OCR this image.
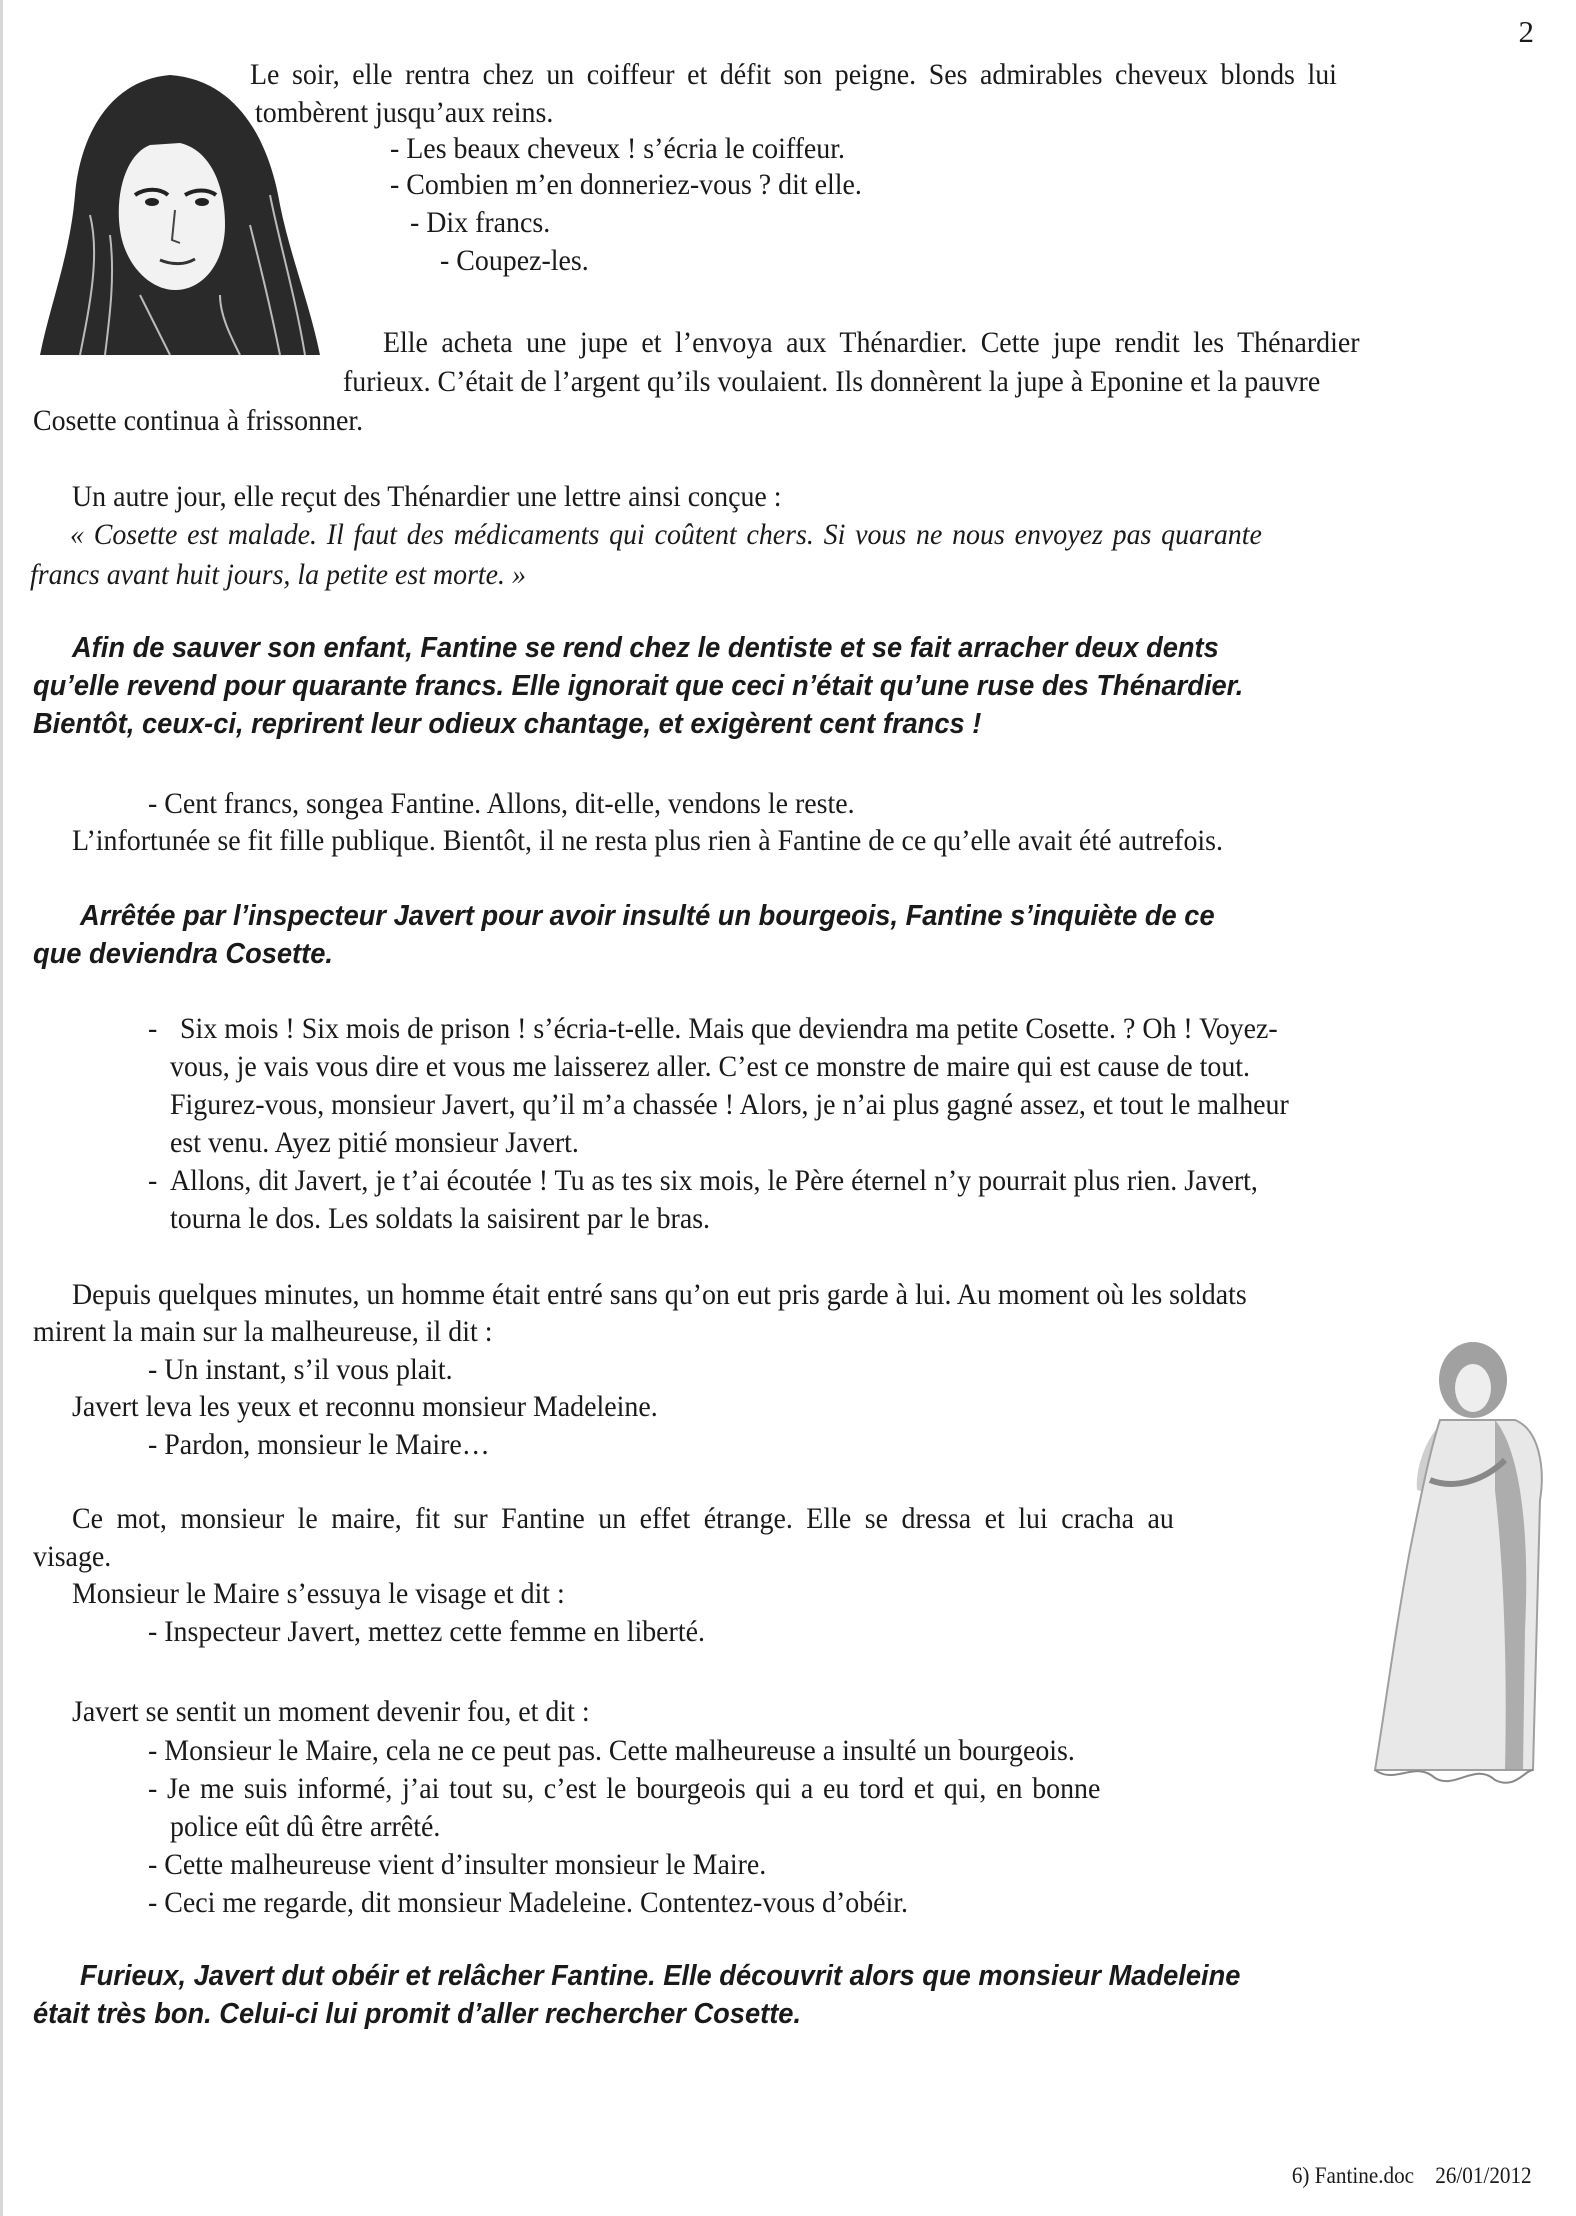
2
Le soir, elle rentra chez un coiffeur et défit son peigne. Ses admirables cheveux blonds lui
tombèrent jusqu’aux reins.
- Les beaux cheveux ! s’écria le coiffeur.
- Combien m’en donneriez-vous ? dit elle.
- Dix francs.
- Coupez-les.
Elle acheta une jupe et l’envoya aux Thénardier. Cette jupe rendit les Thénardier
furieux. C’était de l’argent qu’ils voulaient. Ils donnèrent la jupe à Eponine et la pauvre
Cosette continua à frissonner.
Un autre jour, elle reçut des Thénardier une lettre ainsi conçue :
« Cosette est malade. Il faut des médicaments qui coûtent chers. Si vous ne nous envoyez pas quarante
francs avant huit jours, la petite est morte. »
Afin de sauver son enfant, Fantine se rend chez le dentiste et se fait arracher deux dents
qu’elle revend pour quarante francs. Elle ignorait que ceci n’était qu’une ruse des Thénardier.
Bientôt, ceux-ci, reprirent leur odieux chantage, et exigèrent cent francs !
- Cent francs, songea Fantine. Allons, dit-elle, vendons le reste.
L’infortunée se fit fille publique. Bientôt, il ne resta plus rien à Fantine de ce qu’elle avait été autrefois.
Arrêtée par l’inspecteur Javert pour avoir insulté un bourgeois, Fantine s’inquiète de ce
que deviendra Cosette.
- Six mois ! Six mois de prison ! s’écria-t-elle. Mais que deviendra ma petite Cosette. ? Oh ! Voyez-
vous, je vais vous dire et vous me laisserez aller. C’est ce monstre de maire qui est cause de tout.
Figurez-vous, monsieur Javert, qu’il m’a chassée ! Alors, je n’ai plus gagné assez, et tout le malheur
est venu. Ayez pitié monsieur Javert.
- Allons, dit Javert, je t’ai écoutée ! Tu as tes six mois, le Père éternel n’y pourrait plus rien. Javert,
tourna le dos. Les soldats la saisirent par le bras.
Depuis quelques minutes, un homme était entré sans qu’on eut pris garde à lui. Au moment où les soldats
mirent la main sur la malheureuse, il dit :
- Un instant, s’il vous plait.
Javert leva les yeux et reconnu monsieur Madeleine.
- Pardon, monsieur le Maire…
Ce mot, monsieur le maire, fit sur Fantine un effet étrange. Elle se dressa et lui cracha au
visage.
Monsieur le Maire s’essuya le visage et dit :
- Inspecteur Javert, mettez cette femme en liberté.
Javert se sentit un moment devenir fou, et dit :
- Monsieur le Maire, cela ne ce peut pas. Cette malheureuse a insulté un bourgeois.
- Je me suis informé, j’ai tout su, c’est le bourgeois qui a eu tord et qui, en bonne
police eût dû être arrêté.
- Cette malheureuse vient d’insulter monsieur le Maire.
- Ceci me regarde, dit monsieur Madeleine. Contentez-vous d’obéir.
Furieux, Javert dut obéir et relâcher Fantine. Elle découvrit alors que monsieur Madeleine
était très bon. Celui-ci lui promit d’aller rechercher Cosette.
6) Fantine.doc 26/01/2012
